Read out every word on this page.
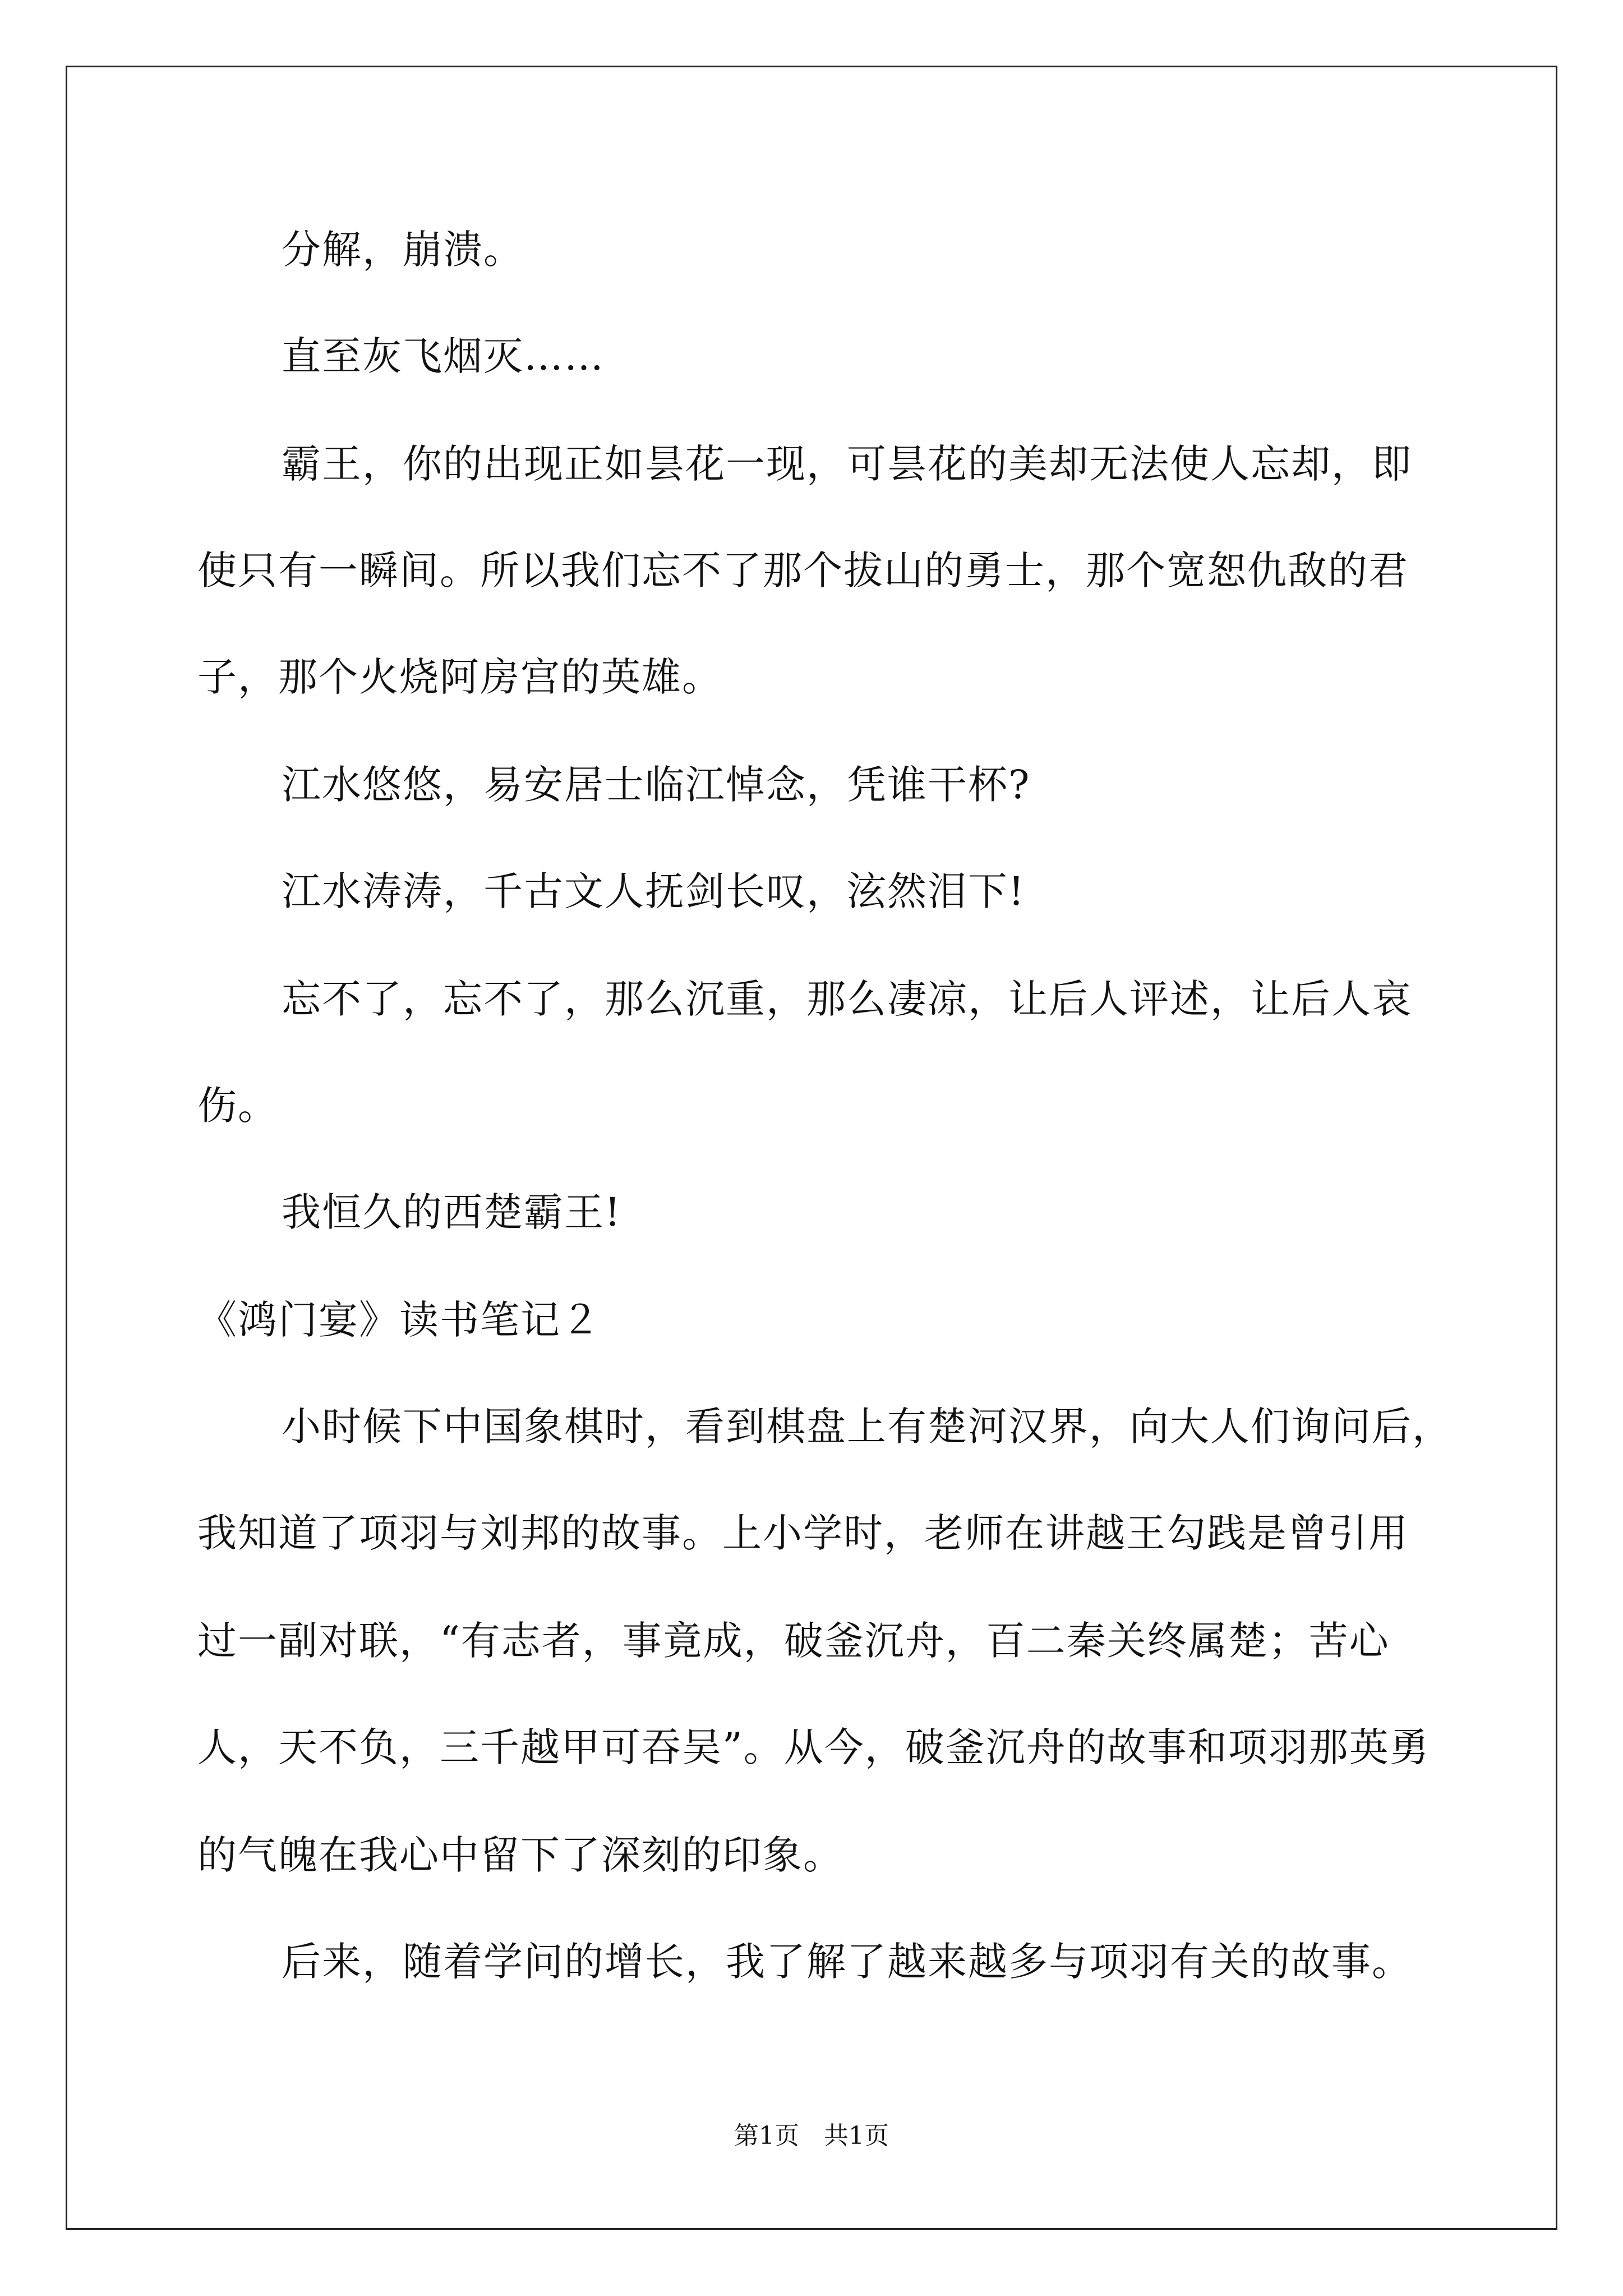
分解，崩溃。
直至灰飞烟灭……
霸王，你的出现正如昙花一现，可昙花的美却无法使人忘却，即
使只有一瞬间。所以我们忘不了那个拔山的勇士，那个宽恕仇敌的君
子，那个火烧阿房宫的英雄。
江水悠悠，易安居士临江悼念，凭谁干杯?
江水涛涛，千古文人抚剑长叹，泫然泪下!
忘不了，忘不了，那么沉重，那么凄凉，让后人评述，让后人哀
伤。
我恒久的西楚霸王!
《鸿门宴》读书笔记２
小时候下中国象棋时，看到棋盘上有楚河汉界，向大人们询问后，
我知道了项羽与刘邦的故事。上小学时，老师在讲越王勾践是曾引用
过一副对联，“有志者，事竟成，破釜沉舟，百二秦关终属楚；苦心
人，天不负，三千越甲可吞吴”。从今，破釜沉舟的故事和项羽那英勇
的气魄在我心中留下了深刻的印象。
后来，随着学问的增长，我了解了越来越多与项羽有关的故事。
第1页　共1页
